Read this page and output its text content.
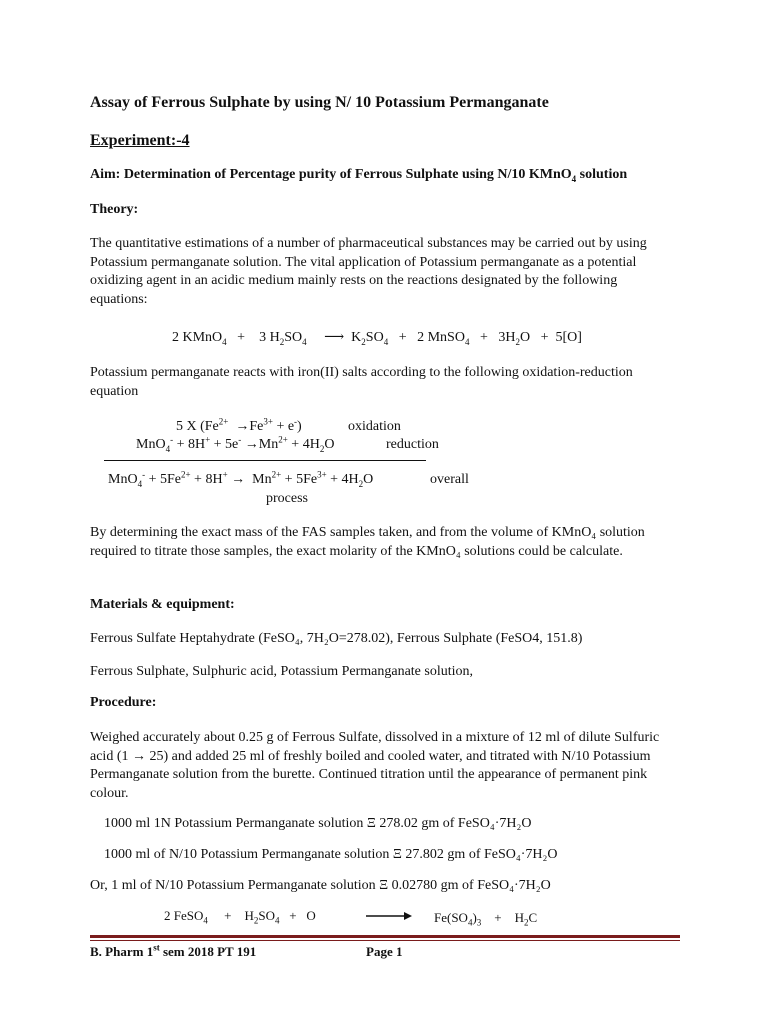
Assay of Ferrous Sulphate by using N/ 10 Potassium Permanganate
Experiment:-4
Aim: Determination of Percentage purity of Ferrous Sulphate using N/10 KMnO$_4$ solution
Theory:
The quantitative estimations of a number of pharmaceutical substances may be carried out by using Potassium permanganate solution. The vital application of Potassium permanganate as a potential oxidizing agent in an acidic medium mainly rests on the reactions designated by the following equations:
2 KMnO$_4$   +    3 $H_2SO_4$     ⟶  $K_2SO_4 + 2$ MnSO$_4$   +   $3H_2O + 5[O]$
Potassium permanganate reacts with iron(II) salts according to the following oxidation-reduction equation
5 X $(Fe^{2+} \to Fe^{3+} + e^-)$	oxidation
$MnO_4^- + 8H^+ + 5e^- \to Mn^{2+} + 4H_2O$	reduction
$MnO_4^- + 5Fe^{2+} + 8H^+ \to Mn^{2+} + 5Fe^{3+} + 4H_2O$	overall
process
By determining the exact mass of the FAS samples taken, and from the volume of KMnO₄ solution required to titrate those samples, the exact molarity of the KMnO₄ solutions could be calculate.
Materials & equipment:
Ferrous Sulfate Heptahydrate (FeSO₄, 7H₂O=278.02), Ferrous Sulphate (FeSO4, 151.8)
Ferrous Sulphate, Sulphuric acid, Potassium Permanganate solution,
Procedure:
Weighed accurately about 0.25 g of Ferrous Sulfate, dissolved in a mixture of 12 ml of dilute Sulfuric acid (1 → 25) and added 25 ml of freshly boiled and cooled water, and titrated with N/10 Potassium Permanganate solution from the burette. Continued titration until the appearance of permanent pink colour.
1000 ml 1N Potassium Permanganate solution Ξ 278.02 gm of FeSO₄·7H₂O
1000 ml of N/10 Potassium Permanganate solution Ξ 27.802 gm of FeSO₄·7H₂O
Or, 1 ml of N/10 Potassium Permanganate solution Ξ 0.02780 gm of FeSO₄·7H₂O
2 FeSO$_4$     +    $H_2SO_4 + O$	→ $Fe(SO_4)_3$    +    $H_2C$
B. Pharm 1st sem 2018 PT 191	Page 1
